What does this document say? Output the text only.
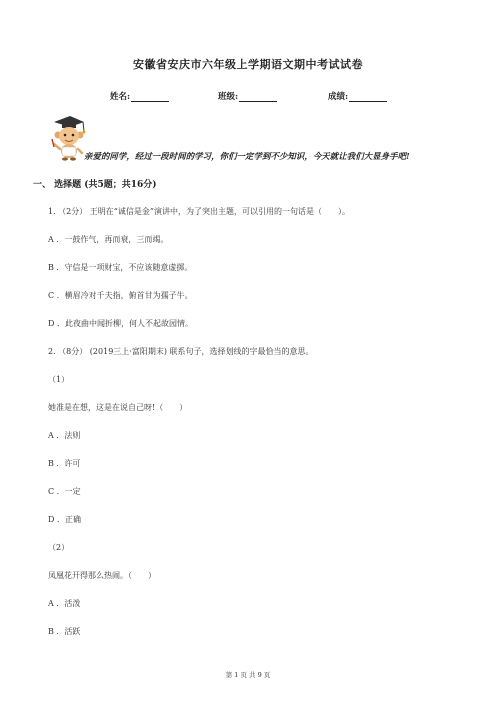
安徽省安庆市六年级上学期语文期中考试试卷
姓名:	班级:	成绩:
亲爱的同学，经过一段时间的学习，你们一定学到不少知识，今天就让我们大显身手吧!
一、 选择题 (共5题；共16分)
1. （2分） 王明在“诚信是金”演讲中，为了突出主题，可以引用的一句话是（　　）。
A ．一鼓作气，再而衰，三而竭。
B ．守信是一项财宝，不应该随意虚掷。
C ．横眉冷对千夫指，俯首甘为孺子牛。
D ．此夜曲中闻折柳，何人不起故园情。
2. （8分） (2019三上·富阳期末) 联系句子，选择划线的字最恰当的意思。
（1）
她准是在想，这是在说自己呀!（　　）
A ．法则
B ．许可
C ．一定
D ．正确
（2）
凤凰花开得那么热闹。（　　）
A ．活泼
B ．活跃
第 1 页 共 9 页
